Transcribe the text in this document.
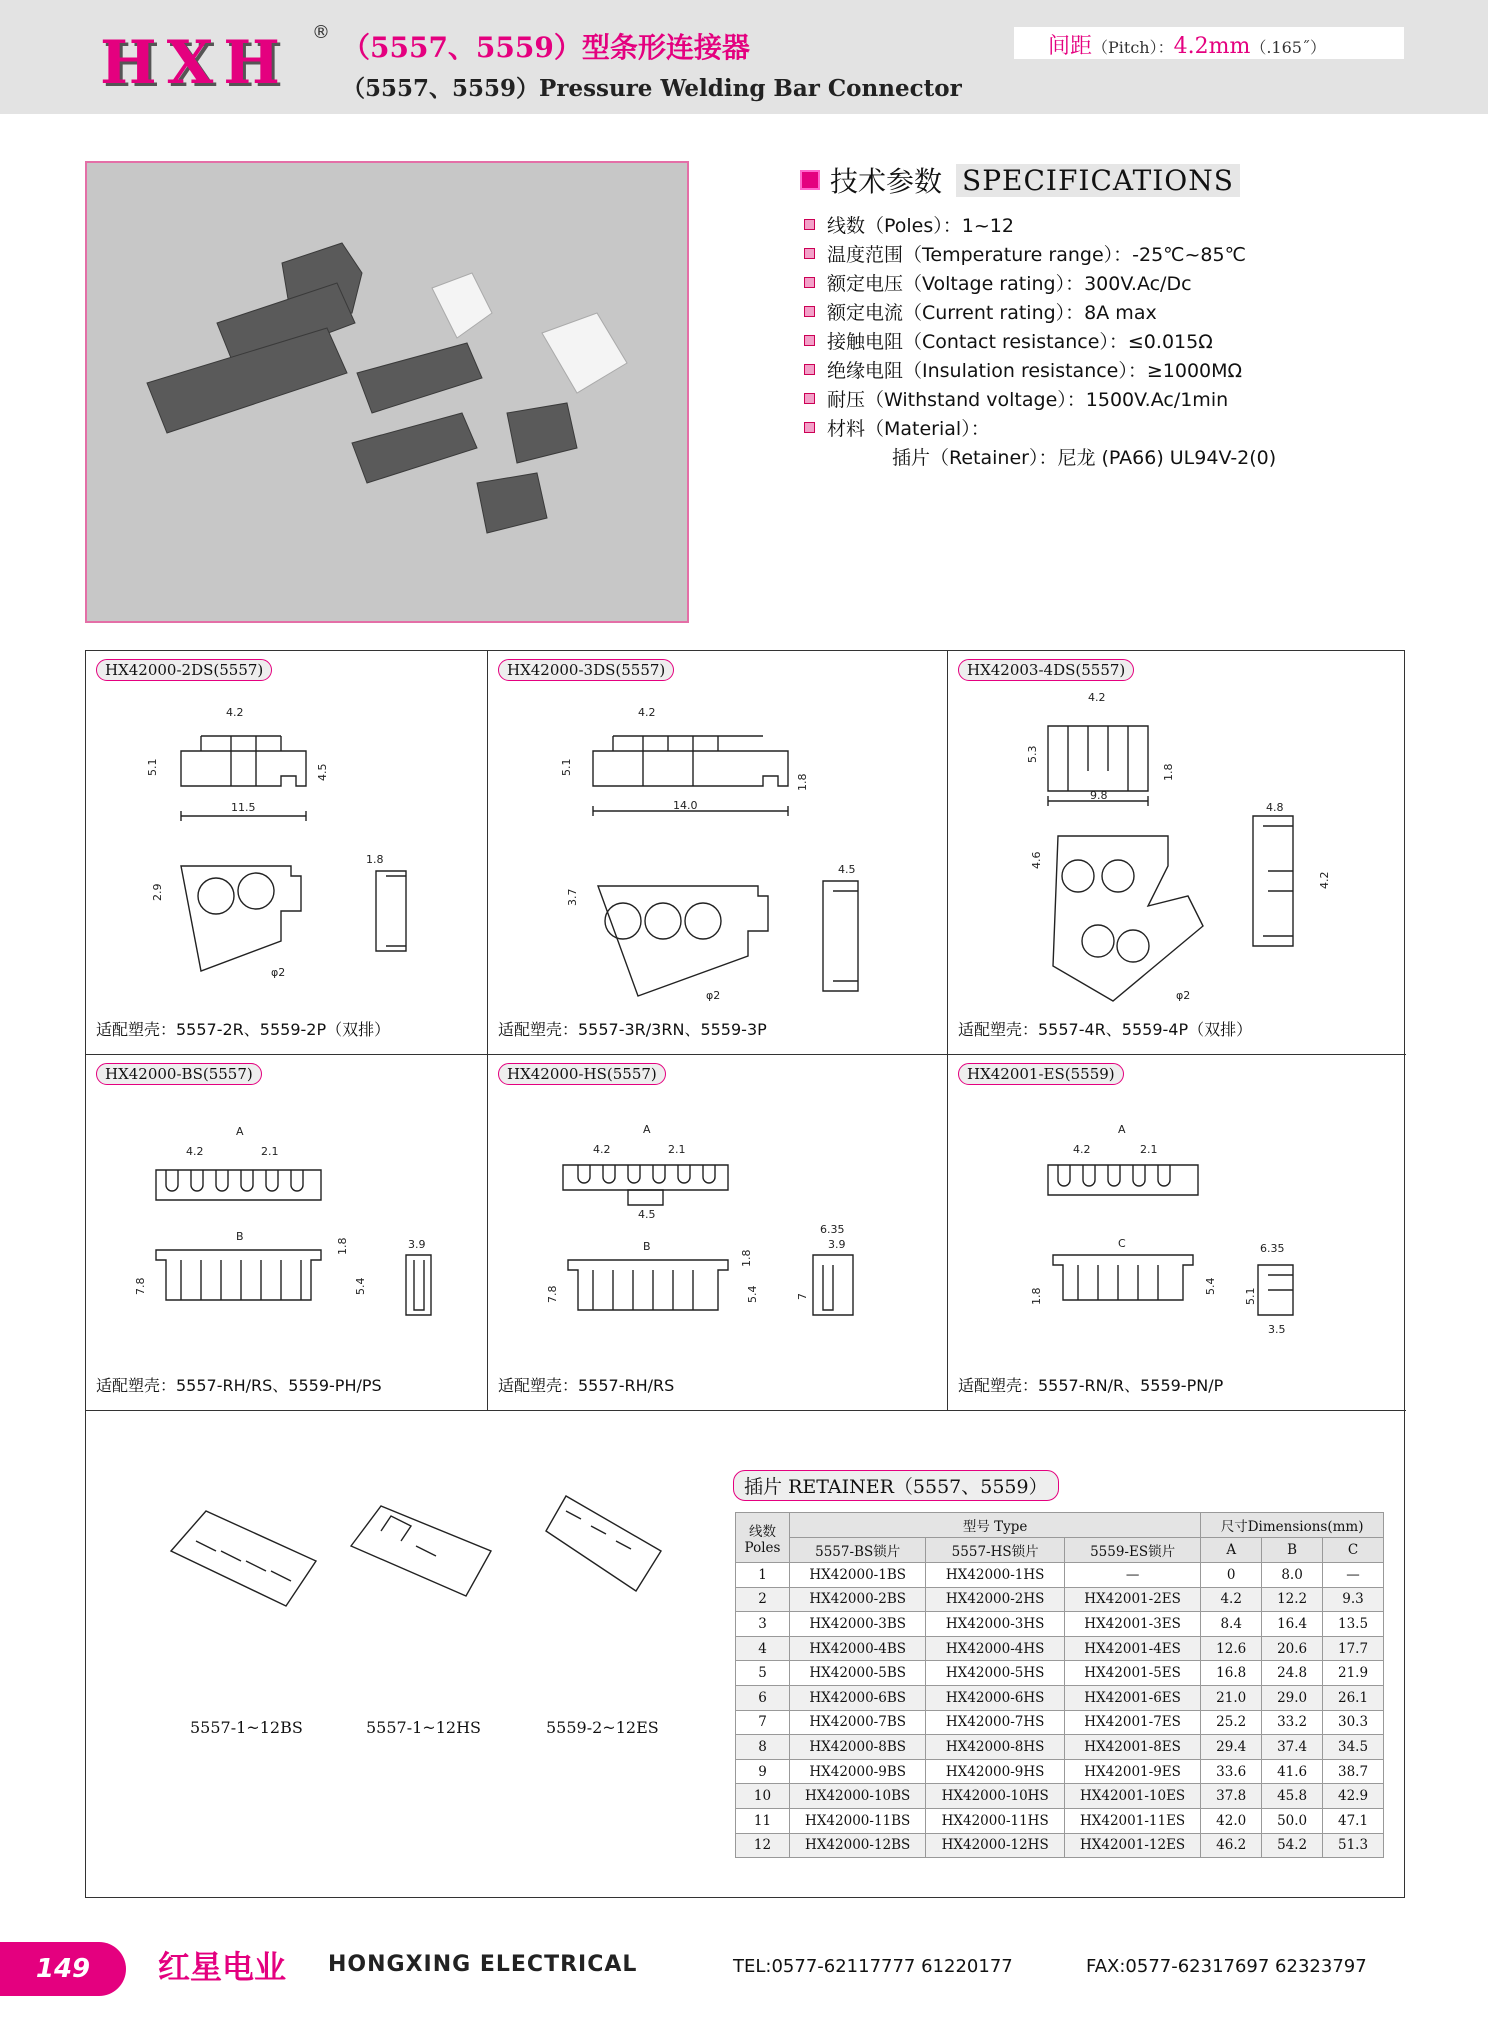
HXH ® （5557、5559）型条形连接器
（5557、5559）Pressure Welding Bar Connector
间距（Pitch）：4.2mm（.165˝）
技术参数 SPECIFICATIONS
线数（Poles）：1~12
温度范围（Temperature range）：-25℃~85℃
额定电压（Voltage rating）：300V.Ac/Dc
额定电流（Current rating）：8A max
接触电阻（Contact resistance）：≤0.015Ω
绝缘电阻（Insulation resistance）：≥1000MΩ
耐压（Withstand voltage）：1500V.Ac/1min
材料（Material）：
插片（Retainer）：尼龙 (PA66) UL94V-2(0)
HX42000-2DS(5557)
4.2
5.1	4.5
11.5
1.8
2.9
φ2
适配塑壳：5557-2R、5559-2P（双排）
HX42000-3DS(5557)
4.2
5.1
1.8
14.0
4.5
3.7
φ2
适配塑壳：5557-3R/3RN、5559-3P
HX42003-4DS(5557)
4.2
5.3
1.8
9.8
4.8
4.6
4.2
φ2
适配塑壳：5557-4R、5559-4P（双排）
HX42000-BS(5557)
A
4.2	2.1
B
1.8	3.9
7.8	5.4
适配塑壳：5557-RH/RS、5559-PH/PS
HX42000-HS(5557)
A
4.2	2.1
4.5
B
1.8
6.35
3.9
7.8	5.4	7
适配塑壳：5557-RH/RS
HX42001-ES(5559)
A
4.2	2.1
C	6.35
1.8
5.4
5.1
3.5
适配塑壳：5557-RN/R、5559-PN/P
5557-1~12BS	5557-1~12HS	5559-2~12ES
插片 RETAINER（5557、5559）
线数
Poles	型号 Type			尺寸Dimensions(mm)		
	5557-BS锁片	5557-HS锁片	5559-ES锁片	A	B	C
1	HX42000-1BS	HX42000-1HS	—	0	8.0	—
2	HX42000-2BS	HX42000-2HS	HX42001-2ES	4.2	12.2	9.3
3	HX42000-3BS	HX42000-3HS	HX42001-3ES	8.4	16.4	13.5
4	HX42000-4BS	HX42000-4HS	HX42001-4ES	12.6	20.6	17.7
5	HX42000-5BS	HX42000-5HS	HX42001-5ES	16.8	24.8	21.9
6	HX42000-6BS	HX42000-6HS	HX42001-6ES	21.0	29.0	26.1
7	HX42000-7BS	HX42000-7HS	HX42001-7ES	25.2	33.2	30.3
8	HX42000-8BS	HX42000-8HS	HX42001-8ES	29.4	37.4	34.5
9	HX42000-9BS	HX42000-9HS	HX42001-9ES	33.6	41.6	38.7
10	HX42000-10BS	HX42000-10HS	HX42001-10ES	37.8	45.8	42.9
11	HX42000-11BS	HX42000-11HS	HX42001-11ES	42.0	50.0	47.1
12	HX42000-12BS	HX42000-12HS	HX42001-12ES	46.2	54.2	51.3
149	红星电业 HONGXING ELECTRICAL	TEL:0577-62117777 61220177	FAX:0577-62317697 62323797
